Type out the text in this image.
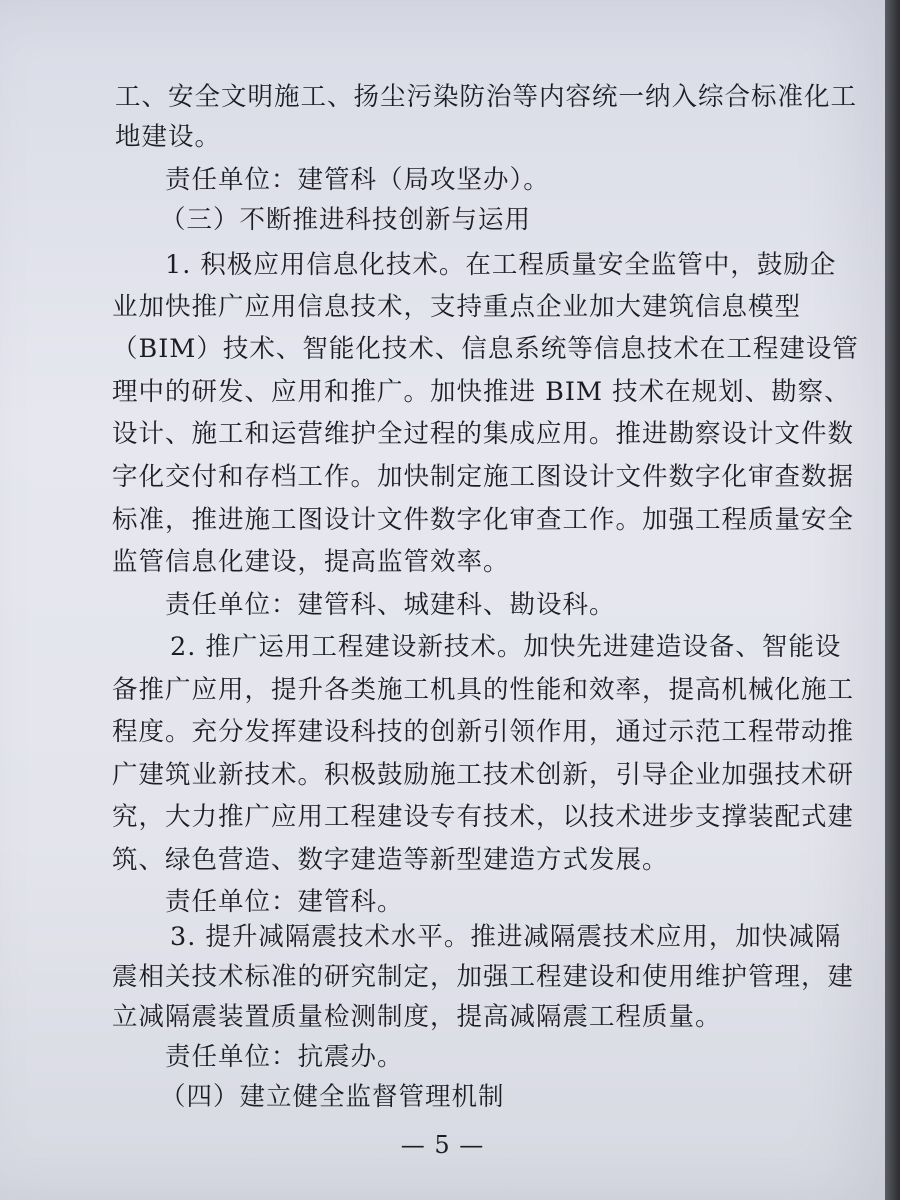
工、安全文明施工、扬尘污染防治等内容统一纳入综合标准化工
地建设。
责任单位：建管科（局攻坚办）。
（三）不断推进科技创新与运用
1. 积极应用信息化技术。在工程质量安全监管中，鼓励企
业加快推广应用信息技术，支持重点企业加大建筑信息模型
（BIM）技术、智能化技术、信息系统等信息技术在工程建设管
理中的研发、应用和推广。加快推进 BIM 技术在规划、勘察、
设计、施工和运营维护全过程的集成应用。推进勘察设计文件数
字化交付和存档工作。加快制定施工图设计文件数字化审查数据
标准，推进施工图设计文件数字化审查工作。加强工程质量安全
监管信息化建设，提高监管效率。
责任单位：建管科、城建科、勘设科。
2. 推广运用工程建设新技术。加快先进建造设备、智能设
备推广应用，提升各类施工机具的性能和效率，提高机械化施工
程度。充分发挥建设科技的创新引领作用，通过示范工程带动推
广建筑业新技术。积极鼓励施工技术创新，引导企业加强技术研
究，大力推广应用工程建设专有技术，以技术进步支撑装配式建
筑、绿色营造、数字建造等新型建造方式发展。
责任单位：建管科。
3. 提升减隔震技术水平。推进减隔震技术应用，加快减隔
震相关技术标准的研究制定，加强工程建设和使用维护管理，建
立减隔震装置质量检测制度，提高减隔震工程质量。
责任单位：抗震办。
（四）建立健全监督管理机制
— 5 —
